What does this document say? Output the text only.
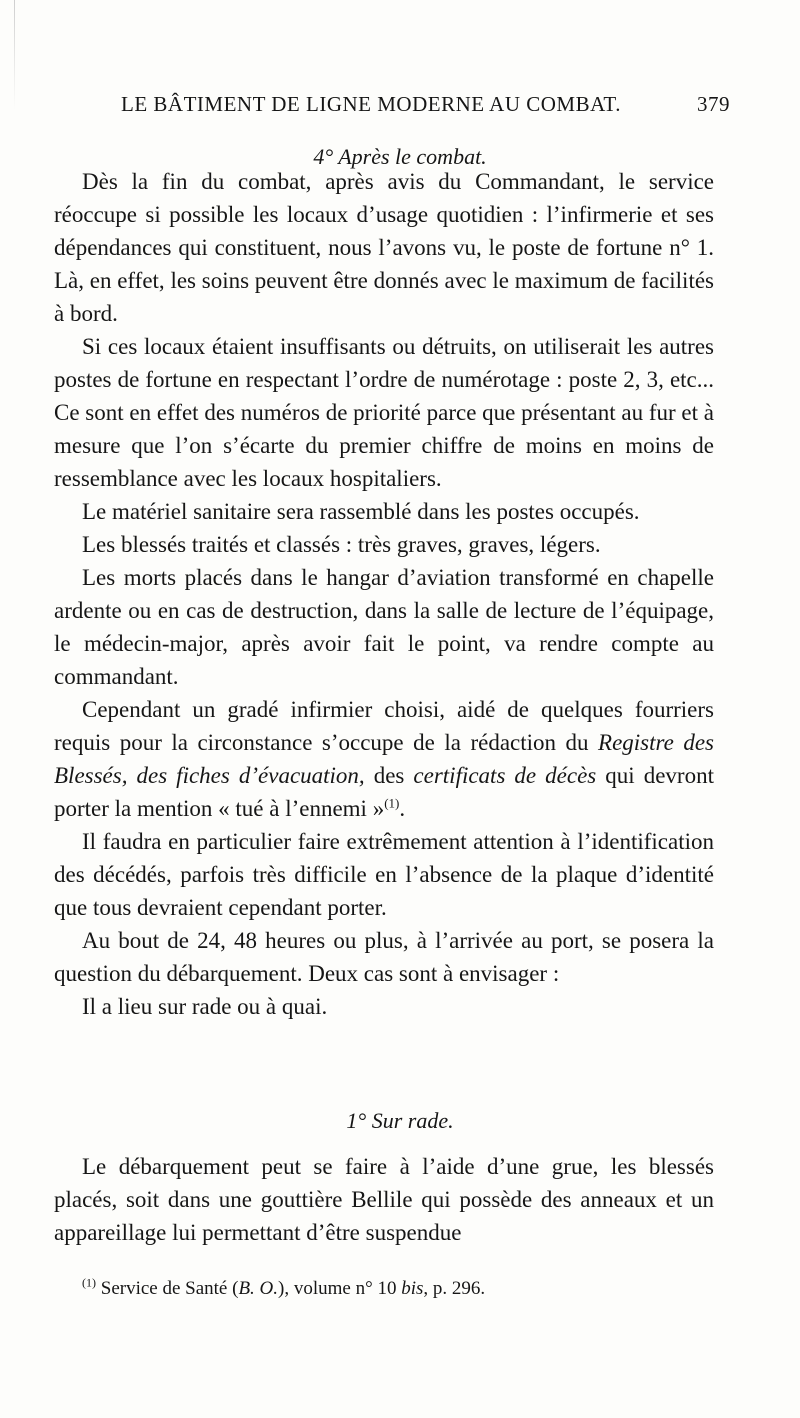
LE BÂTIMENT DE LIGNE MODERNE AU COMBAT.	379
4° Après le combat.

Dès la fin du combat, après avis du Commandant, le service réoccupe si possible les locaux d’usage quotidien : l’infirmerie et ses dépendances qui constituent, nous l’avons vu, le poste de fortune n° 1. Là, en effet, les soins peuvent être donnés avec le maximum de facilités à bord.

Si ces locaux étaient insuffisants ou détruits, on utiliserait les autres postes de fortune en respectant l’ordre de numérotage : poste 2, 3, etc... Ce sont en effet des numéros de priorité parce que présentant au fur et à mesure que l’on s’écarte du premier chiffre de moins en moins de ressemblance avec les locaux hospitaliers.

Le matériel sanitaire sera rassemblé dans les postes occupés.

Les blessés traités et classés : très graves, graves, légers.

Les morts placés dans le hangar d’aviation transformé en chapelle ardente ou en cas de destruction, dans la salle de lecture de l’équipage, le médecin-major, après avoir fait le point, va rendre compte au commandant.

Cependant un gradé infirmier choisi, aidé de quelques fourriers requis pour la circonstance s’occupe de la rédaction du Registre des Blessés, des fiches d’évacuation, des certificats de décès qui devront porter la mention « tué à l’ennemi »$^{(1)}$.

Il faudra en particulier faire extrêmement attention à l’identification des décédés, parfois très difficile en l’absence de la plaque d’identité que tous devraient cependant porter.

Au bout de 24, 48 heures ou plus, à l’arrivée au port, se posera la question du débarquement. Deux cas sont à envisager :

Il a lieu sur rade ou à quai.

1° Sur rade.

Le débarquement peut se faire à l’aide d’une grue, les blessés placés, soit dans une gouttière Bellile qui possède des anneaux et un appareillage lui permettant d’être suspendue

$^{(1)}$ Service de Santé (B. O.), volume n° 10 bis, p. 296.
